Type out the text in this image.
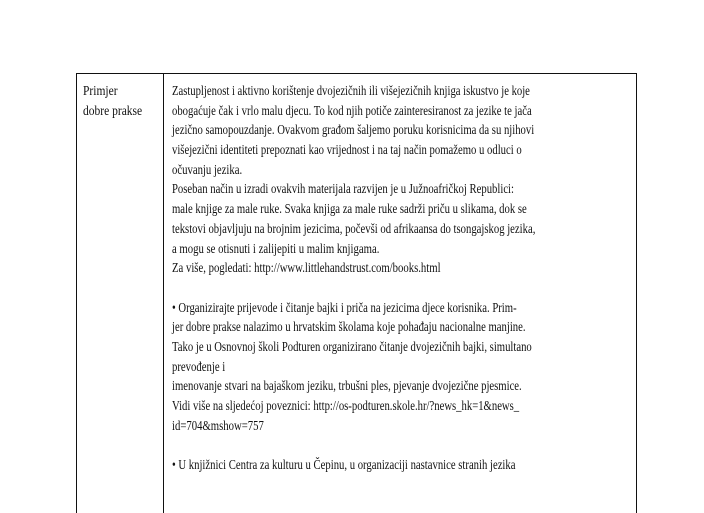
Primjer
dobre prakse
Zastupljenost i aktivno korištenje dvojezičnih ili višejezičnih knjiga iskustvo je koje
obogaćuje čak i vrlo malu djecu. To kod njih potiče zainteresiranost za jezike te jača
jezično samopouzdanje. Ovakvom građom šaljemo poruku korisnicima da su njihovi
višejezični identiteti prepoznati kao vrijednost i na taj način pomažemo u odluci o
očuvanju jezika.
Poseban način u izradi ovakvih materijala razvijen je u Južnoafričkoj Republici:
male knjige za male ruke. Svaka knjiga za male ruke sadrži priču u slikama, dok se
tekstovi objavljuju na brojnim jezicima, počevši od afrikaansa do tsongajskog jezika,
a mogu se otisnuti i zalijepiti u malim knjigama.
Za više, pogledati: http://www.littlehandstrust.com/books.html
• Organizirajte prijevode i čitanje bajki i priča na jezicima djece korisnika. Prim-
jer dobre prakse nalazimo u hrvatskim školama koje pohađaju nacionalne manjine.
Tako je u Osnovnoj školi Podturen organizirano čitanje dvojezičnih bajki, simultano
prevođenje i
imenovanje stvari na bajaškom jeziku, trbušni ples, pjevanje dvojezične pjesmice.
Vidi više na sljedećoj poveznici: http://os-podturen.skole.hr/?news_hk=1&news_
id=704&mshow=757
• U knjižnici Centra za kulturu u Čepinu, u organizaciji nastavnice stranih jezika
